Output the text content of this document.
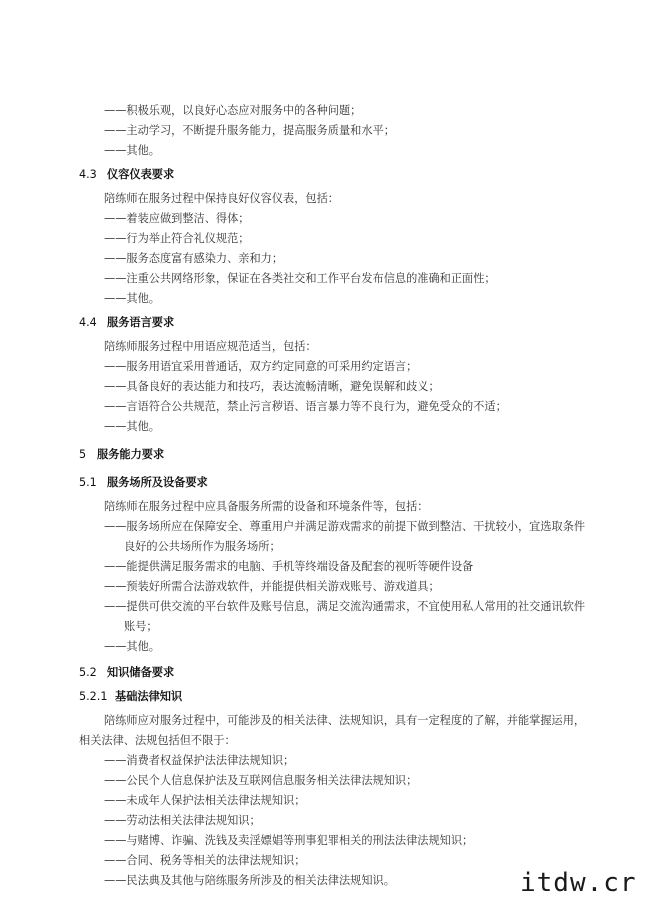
——积极乐观，以良好心态应对服务中的各种问题；
——主动学习，不断提升服务能力，提高服务质量和水平；
——其他。
4.3 仪容仪表要求
陪练师在服务过程中保持良好仪容仪表，包括：
——着装应做到整洁、得体；
——行为举止符合礼仪规范；
——服务态度富有感染力、亲和力；
——注重公共网络形象，保证在各类社交和工作平台发布信息的准确和正面性；
——其他。
4.4 服务语言要求
陪练师服务过程中用语应规范适当，包括：
——服务用语宜采用普通话，双方约定同意的可采用约定语言；
——具备良好的表达能力和技巧，表达流畅清晰，避免误解和歧义；
——言语符合公共规范，禁止污言秽语、语言暴力等不良行为，避免受众的不适；
——其他。
5 服务能力要求
5.1 服务场所及设备要求
陪练师在服务过程中应具备服务所需的设备和环境条件等，包括：
——服务场所应在保障安全、尊重用户并满足游戏需求的前提下做到整洁、干扰较小，宜选取条件
良好的公共场所作为服务场所；
——能提供满足服务需求的电脑、手机等终端设备及配套的视听等硬件设备
——预装好所需合法游戏软件，并能提供相关游戏账号、游戏道具；
——提供可供交流的平台软件及账号信息，满足交流沟通需求，不宜使用私人常用的社交通讯软件
账号；
——其他。
5.2 知识储备要求
5.2.1 基础法律知识
陪练师应对服务过程中，可能涉及的相关法律、法规知识，具有一定程度的了解，并能掌握运用，
相关法律、法规包括但不限于：
——消费者权益保护法法律法规知识；
——公民个人信息保护法及互联网信息服务相关法律法规知识；
——未成年人保护法相关法律法规知识；
——劳动法相关法律法规知识；
——与赌博、诈骗、洗钱及卖淫嫖娼等刑事犯罪相关的刑法法律法规知识；
——合同、税务等相关的法律法规知识；
——民法典及其他与陪练服务所涉及的相关法律法规知识。	itdw.cr
